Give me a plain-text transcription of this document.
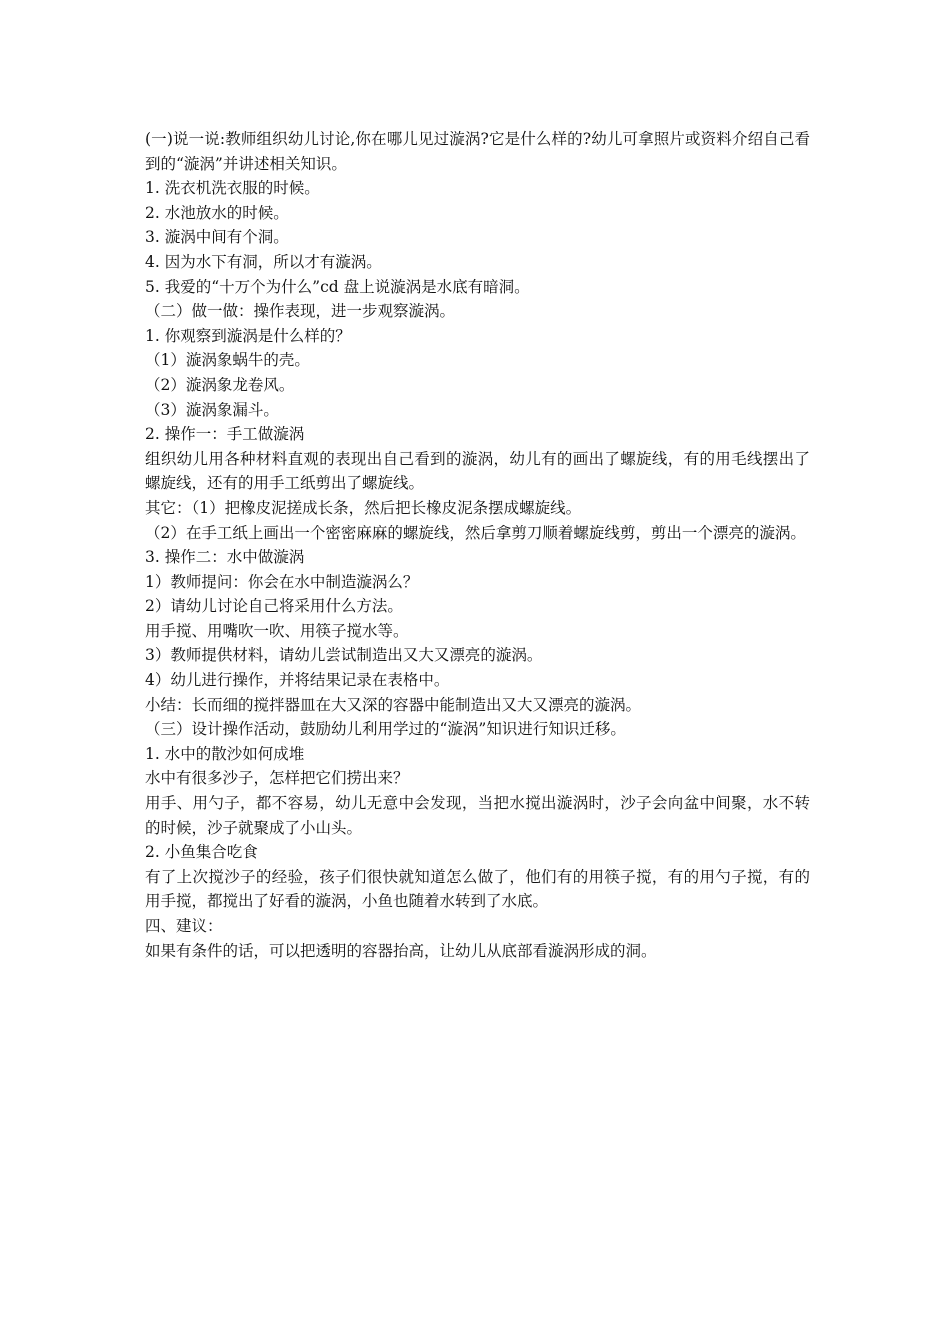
(一)说一说:教师组织幼儿讨论,你在哪儿见过漩涡?它是什么样的?幼儿可拿照片或资料介绍自己看到的“漩涡”并讲述相关知识。

1. 洗衣机洗衣服的时候。
2. 水池放水的时候。
3. 漩涡中间有个洞。
4. 因为水下有洞，所以才有漩涡。
5. 我爱的“十万个为什么”cd 盘上说漩涡是水底有暗洞。
（二）做一做：操作表现，进一步观察漩涡。
1. 你观察到漩涡是什么样的？
（1）漩涡象蜗牛的壳。
（2）漩涡象龙卷风。
（3）漩涡象漏斗。
2. 操作一：手工做漩涡

组织幼儿用各种材料直观的表现出自己看到的漩涡，幼儿有的画出了螺旋线，有的用毛线摆出了螺旋线，还有的用手工纸剪出了螺旋线。

其它：（1）把橡皮泥搓成长条，然后把长橡皮泥条摆成螺旋线。

（2）在手工纸上画出一个密密麻麻的螺旋线，然后拿剪刀顺着螺旋线剪，剪出一个漂亮的漩涡。

3. 操作二：水中做漩涡
1）教师提问：你会在水中制造漩涡么？
2）请幼儿讨论自己将采用什么方法。
用手搅、用嘴吹一吹、用筷子搅水等。
3）教师提供材料，请幼儿尝试制造出又大又漂亮的漩涡。
4）幼儿进行操作，并将结果记录在表格中。
小结：长而细的搅拌器皿在大又深的容器中能制造出又大又漂亮的漩涡。
（三）设计操作活动，鼓励幼儿利用学过的“漩涡”知识进行知识迁移。
1. 水中的散沙如何成堆
水中有很多沙子，怎样把它们捞出来？

用手、用勺子，都不容易，幼儿无意中会发现，当把水搅出漩涡时，沙子会向盆中间聚，水不转的时候，沙子就聚成了小山头。

2. 小鱼集合吃食

有了上次搅沙子的经验，孩子们很快就知道怎么做了，他们有的用筷子搅，有的用勺子搅，有的用手搅，都搅出了好看的漩涡，小鱼也随着水转到了水底。

四、建议：
如果有条件的话，可以把透明的容器抬高，让幼儿从底部看漩涡形成的洞。
